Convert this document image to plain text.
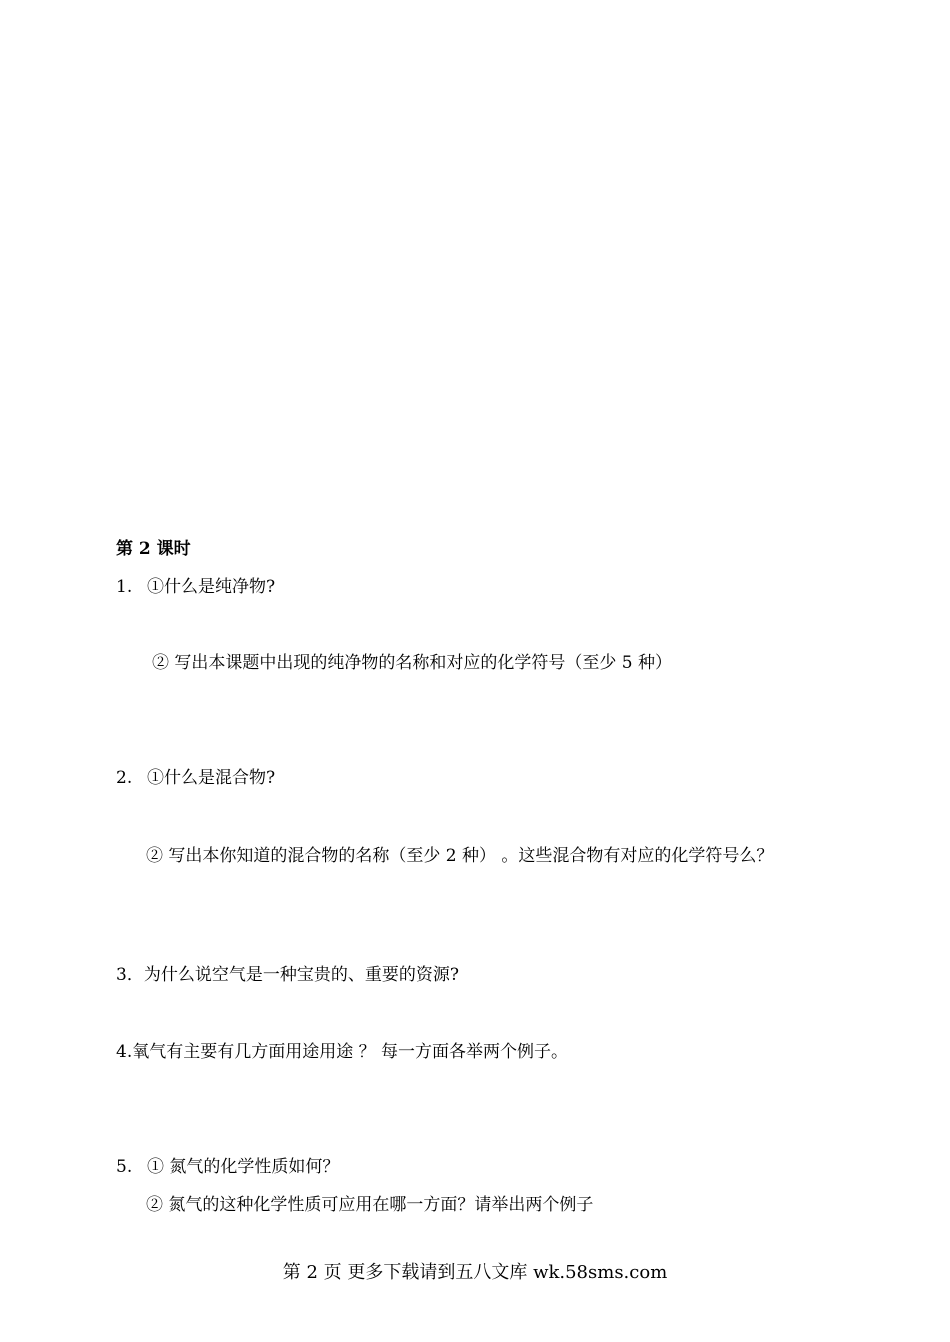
第 2 课时
1. ①什么是纯净物?
② 写出本课题中出现的纯净物的名称和对应的化学符号（至少 5 种）
2. ①什么是混合物?
② 写出本你知道的混合物的名称（至少 2 种） 。这些混合物有对应的化学符号么？
3．为什么说空气是一种宝贵的、重要的资源?
4.氧气有主要有几方面用途用途 ？ 每一方面各举两个例子。
5. ① 氮气的化学性质如何？
② 氮气的这种化学性质可应用在哪一方面？请举出两个例子
第 2 页 更多下载请到五八文库 wk.58sms.com
